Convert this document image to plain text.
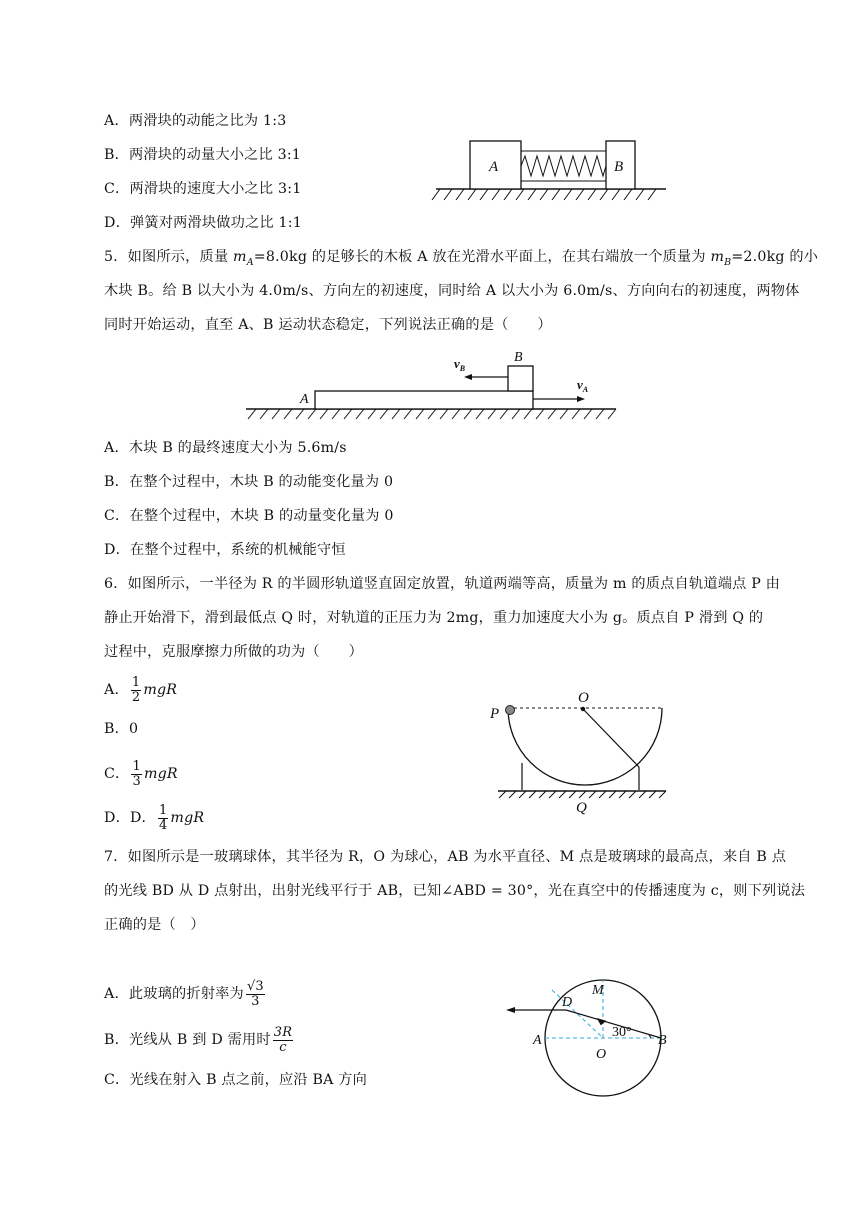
A．两滑块的动能之比为 1:3
B．两滑块的动量大小之比 3:1
C．两滑块的速度大小之比 3:1
D．弹簧对两滑块做功之比 1:1
A	B
5．如图所示，质量 $m_A=8.0kg$ 的足够长的木板 A 放在光滑水平面上，在其右端放一个质量为 $m_B=2.0kg$ 的小
木块 B。给 B 以大小为 4.0m/s、方向左的初速度，同时给 A 以大小为 6.0m/s、方向向右的初速度，两物体
同时开始运动，直至 A、B 运动状态稳定，下列说法正确的是（　　）
A
B
$v_B$
$v_A$
A．木块 B 的最终速度大小为 5.6m/s
B．在整个过程中，木块 B 的动能变化量为 0
C．在整个过程中，木块 B 的动量变化量为 0
D．在整个过程中，系统的机械能守恒
6．如图所示，一半径为 R 的半圆形轨道竖直固定放置，轨道两端等高，质量为 m 的质点自轨道端点 P 由
静止开始滑下，滑到最低点 Q 时，对轨道的正压力为 2mg，重力加速度大小为 g。质点自 P 滑到 Q 的
过程中，克服摩擦力所做的功为（　　）
A． $\frac{1}{2}$ mgR
B．0
C． $\frac{1}{3}$ mgR
D．D． $\frac{1}{4}$ mgR
P
O
Q
7．如图所示是一玻璃球体，其半径为 R，O 为球心，AB 为水平直径、M 点是玻璃球的最高点，来自 B 点
的光线 BD 从 D 点射出，出射光线平行于 AB，已知∠ABD = 30°，光在真空中的传播速度为 c，则下列说法
正确的是（　）
A．此玻璃的折射率为 $\frac{√3}{3}$
B．光线从 B 到 D 需用时 $\frac{3R}{c}$
C．光线在射入 B 点之前，应沿 BA 方向
D
M
A	B
O
30°
